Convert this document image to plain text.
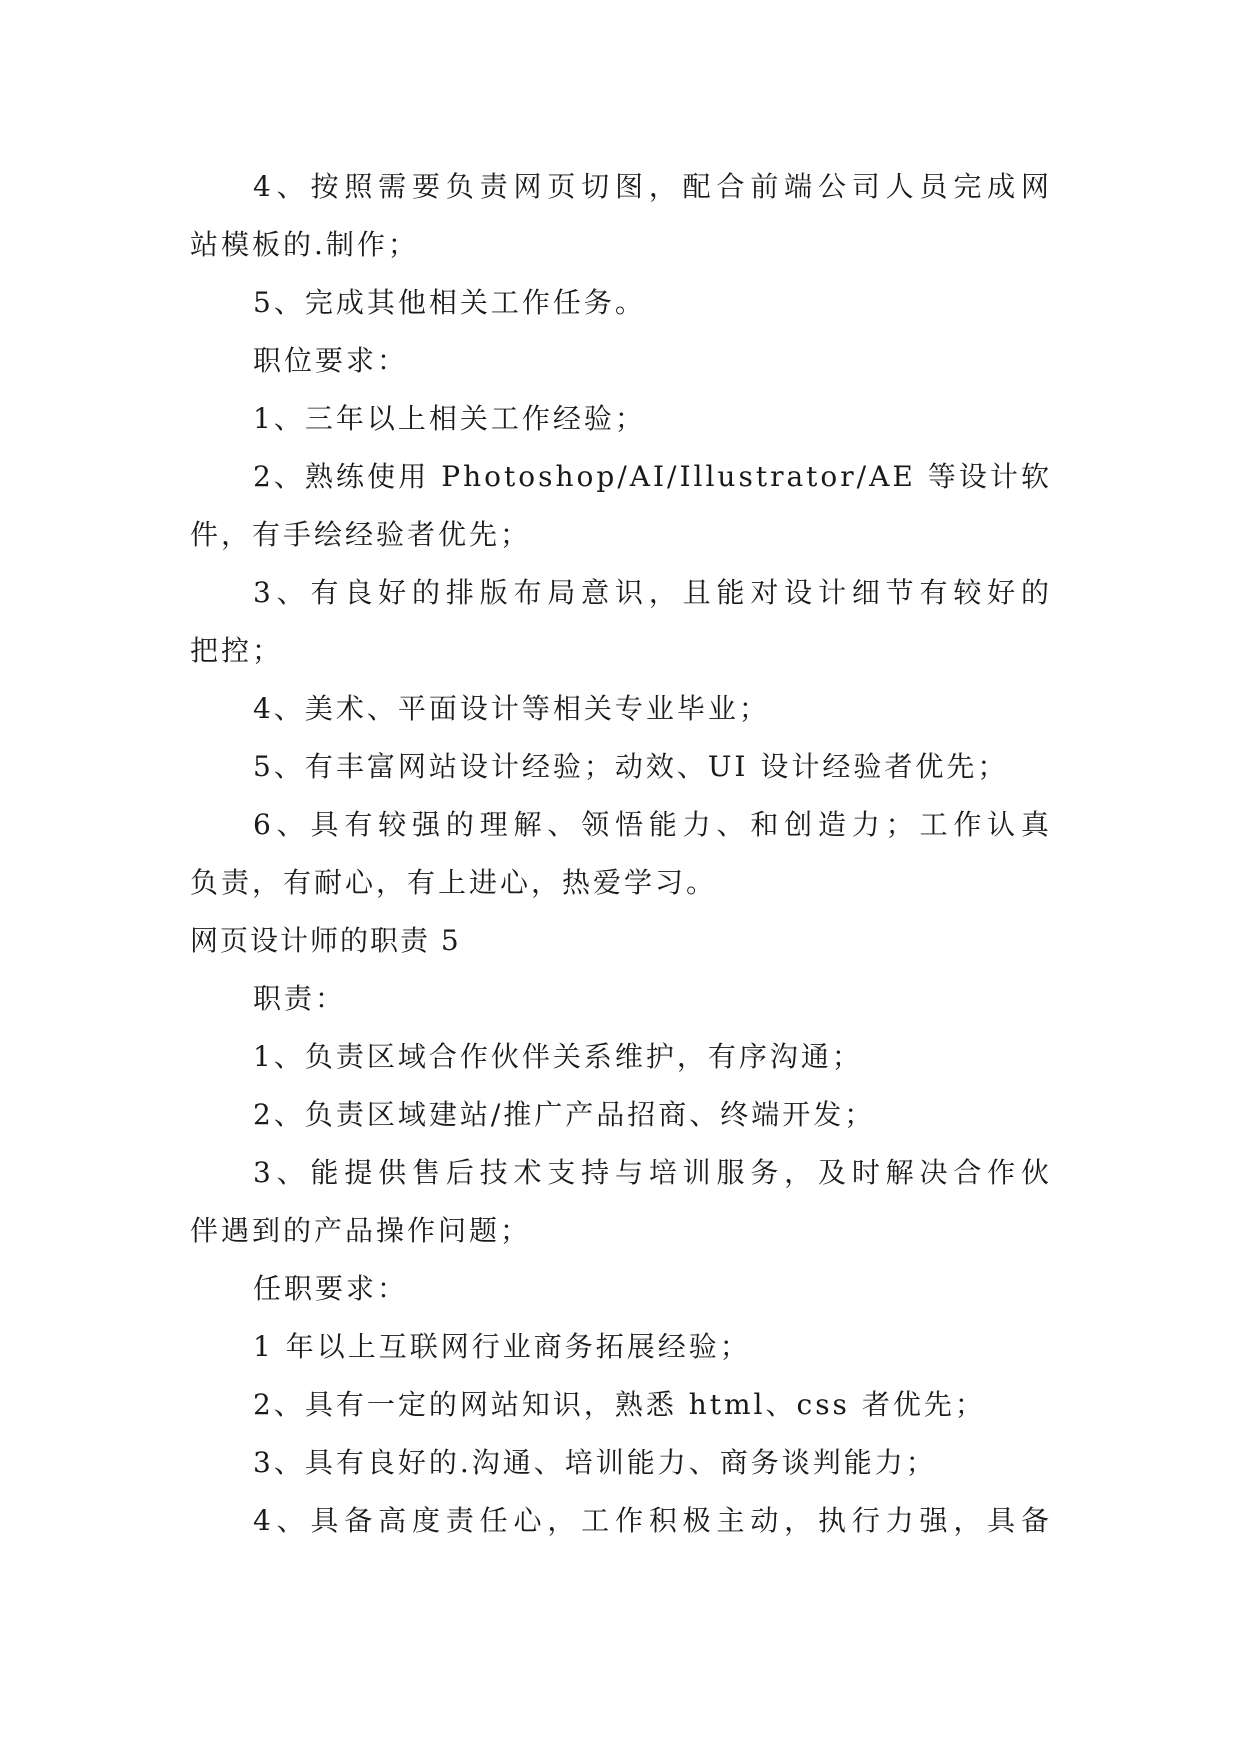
4、按照需要负责网页切图，配合前端公司人员完成网
站模板的.制作；
5、完成其他相关工作任务。
职位要求：
1、三年以上相关工作经验；
2、熟练使用 Photoshop/AI/Illustrator/AE 等设计软
件，有手绘经验者优先；
3、有良好的排版布局意识，且能对设计细节有较好的
把控；
4、美术、平面设计等相关专业毕业；
5、有丰富网站设计经验；动效、UI 设计经验者优先；
6、具有较强的理解、领悟能力、和创造力；工作认真
负责，有耐心，有上进心，热爱学习。
网页设计师的职责 5
职责：
1、负责区域合作伙伴关系维护，有序沟通；
2、负责区域建站/推广产品招商、终端开发；
3、能提供售后技术支持与培训服务，及时解决合作伙
伴遇到的产品操作问题；
任职要求：
1 年以上互联网行业商务拓展经验；
2、具有一定的网站知识，熟悉 html、css 者优先；
3、具有良好的.沟通、培训能力、商务谈判能力；
4、具备高度责任心，工作积极主动，执行力强，具备
